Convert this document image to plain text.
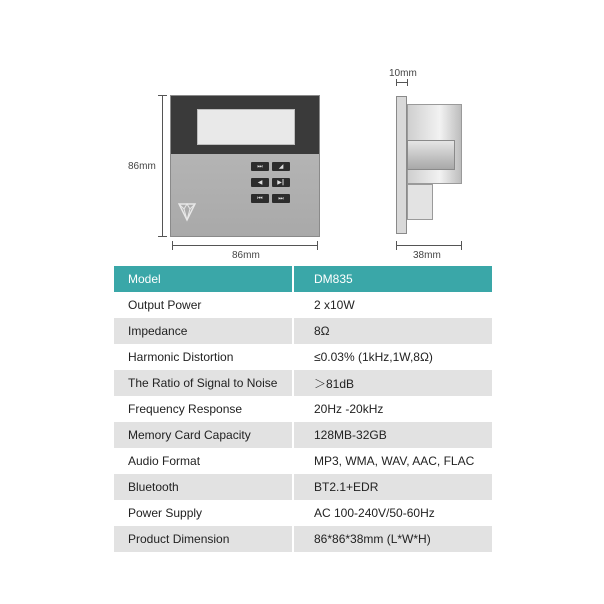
86mm
86mm
⏭	◢
◀	▶‖
⏮	⏭
10mm
38mm
Model	DM835
Output Power	2 x10W
Impedance	8Ω
Harmonic Distortion	≤0.03% (1kHz,1W,8Ω)
The Ratio of Signal to Noise	＞81dB
Frequency Response	20Hz -20kHz
Memory Card Capacity	128MB-32GB
Audio Format	MP3, WMA, WAV, AAC, FLAC
Bluetooth	BT2.1+EDR
Power Supply	AC 100-240V/50-60Hz
Product Dimension	86*86*38mm (L*W*H)
